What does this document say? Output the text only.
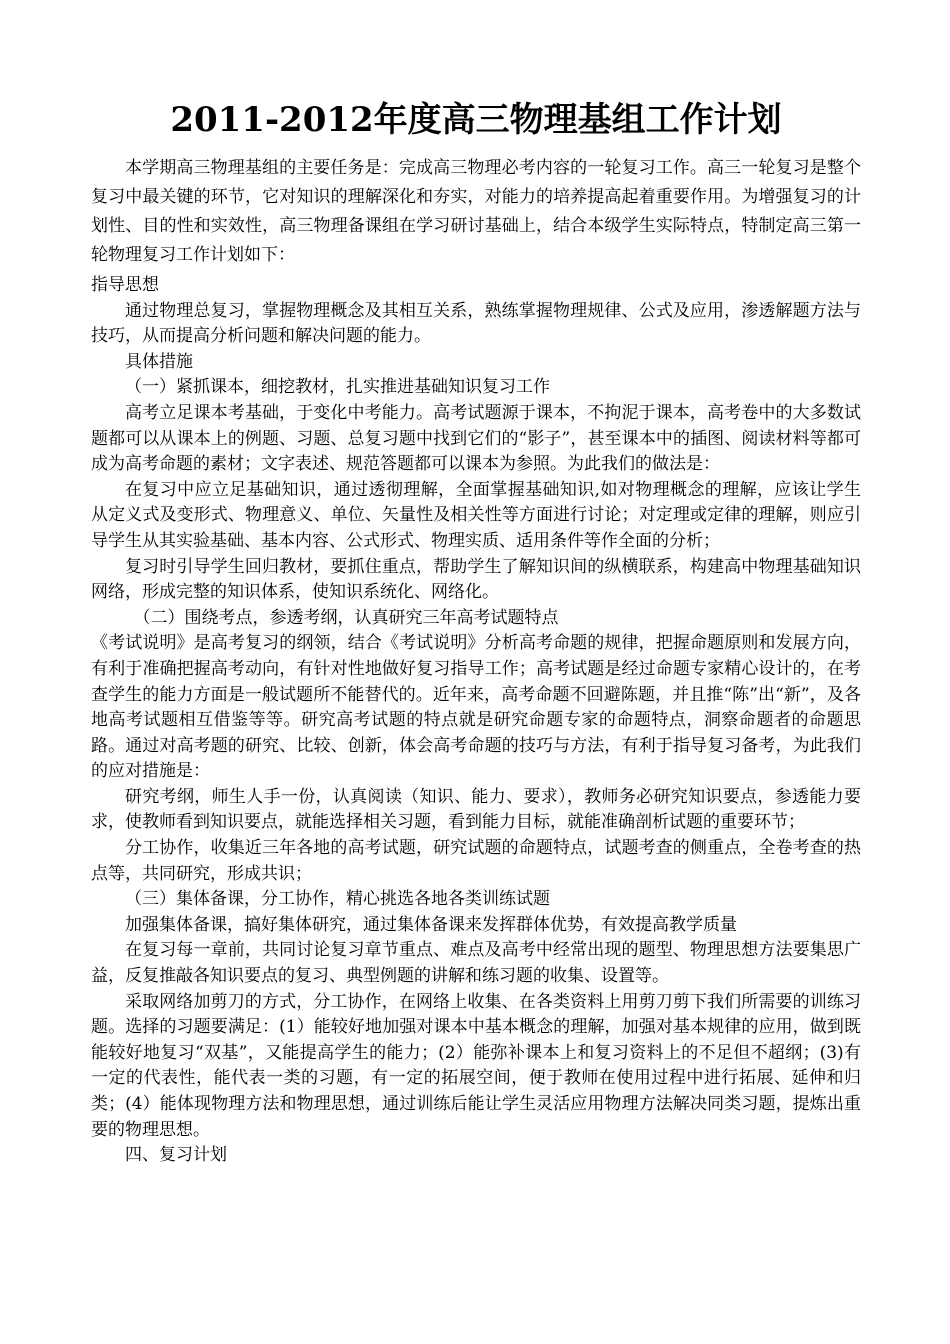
2011-2012年度高三物理基组工作计划

本学期高三物理基组的主要任务是：完成高三物理必考内容的一轮复习工作。高三一轮复习是整个复习中最关键的环节，它对知识的理解深化和夯实，对能力的培养提高起着重要作用。为增强复习的计划性、目的性和实效性，高三物理备课组在学习研讨基础上，结合本级学生实际特点，特制定高三第一轮物理复习工作计划如下：

指导思想

通过物理总复习，掌握物理概念及其相互关系，熟练掌握物理规律、公式及应用，渗透解题方法与技巧，从而提高分析问题和解决问题的能力。

具体措施

（一）紧抓课本，细挖教材，扎实推进基础知识复习工作

高考立足课本考基础，于变化中考能力。高考试题源于课本，不拘泥于课本，高考卷中的大多数试题都可以从课本上的例题、习题、总复习题中找到它们的“影子”，甚至课本中的插图、阅读材料等都可成为高考命题的素材；文字表述、规范答题都可以课本为参照。为此我们的做法是：

在复习中应立足基础知识，通过透彻理解，全面掌握基础知识,如对物理概念的理解，应该让学生从定义式及变形式、物理意义、单位、矢量性及相关性等方面进行讨论；对定理或定律的理解，则应引导学生从其实验基础、基本内容、公式形式、物理实质、适用条件等作全面的分析；

复习时引导学生回归教材，要抓住重点，帮助学生了解知识间的纵横联系，构建高中物理基础知识网络，形成完整的知识体系，使知识系统化、网络化。

（二）围绕考点，参透考纲，认真研究三年高考试题特点

《考试说明》是高考复习的纲领，结合《考试说明》分析高考命题的规律，把握命题原则和发展方向，有利于准确把握高考动向，有针对性地做好复习指导工作；高考试题是经过命题专家精心设计的，在考查学生的能力方面是一般试题所不能替代的。近年来，高考命题不回避陈题，并且推“陈”出“新”，及各地高考试题相互借鉴等等。研究高考试题的特点就是研究命题专家的命题特点，洞察命题者的命题思路。通过对高考题的研究、比较、创新，体会高考命题的技巧与方法，有利于指导复习备考，为此我们的应对措施是：

研究考纲，师生人手一份，认真阅读（知识、能力、要求），教师务必研究知识要点，参透能力要求，使教师看到知识要点，就能选择相关习题，看到能力目标，就能准确剖析试题的重要环节；

分工协作，收集近三年各地的高考试题，研究试题的命题特点，试题考查的侧重点，全卷考查的热点等，共同研究，形成共识；

（三）集体备课，分工协作，精心挑选各地各类训练试题

加强集体备课，搞好集体研究，通过集体备课来发挥群体优势，有效提高教学质量

在复习每一章前，共同讨论复习章节重点、难点及高考中经常出现的题型、物理思想方法要集思广益，反复推敲各知识要点的复习、典型例题的讲解和练习题的收集、设置等。

采取网络加剪刀的方式，分工协作，在网络上收集、在各类资料上用剪刀剪下我们所需要的训练习题。选择的习题要满足：(1）能较好地加强对课本中基本概念的理解，加强对基本规律的应用，做到既能较好地复习“双基”，又能提高学生的能力；(2）能弥补课本上和复习资料上的不足但不超纲；(3)有一定的代表性，能代表一类的习题，有一定的拓展空间，便于教师在使用过程中进行拓展、延伸和归类；(4）能体现物理方法和物理思想，通过训练后能让学生灵活应用物理方法解决同类习题，提炼出重要的物理思想。

四、复习计划
